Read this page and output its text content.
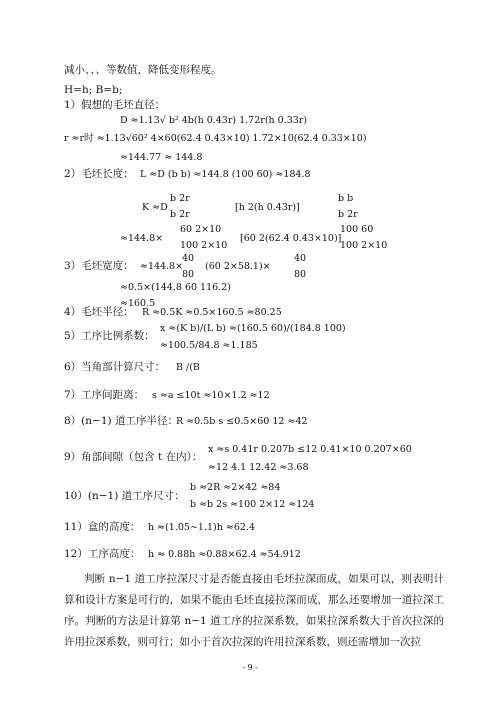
减小、、、等数值，降低变形程度。
H=h; B=b;
1）假想的毛坯直径：
D ≈1.13√ b² 4b(h 0.43r) 1.72r(h 0.33r)
r ≈r时 ≈1.13√60² 4×60(62.4 0.43×10) 1.72×10(62.4 0.33×10)
≈144.77 ≈ 144.8
2）毛坯长度： L ≈D (b b) ≈144.8 (100 60) ≈184.8
K ≈D
b 2r
b 2r
[h 2(h 0.43r)]
b b
b 2r
≈144.8×
60 2×10
100 2×10
[60 2(62.4 0.43×10)]
100 60
100 2×10
3）毛坯宽度： ≈144.8×
40
80
(60 2×58.1)×
40
80
≈0.5×(144.8 60 116.2)
≈160.5
4）毛坯半径： R ≈0.5K ≈0.5×160.5 ≈80.25
5）工序比例系数：
x ≈(K b)/(L b) ≈(160.5 60)/(184.8 100)
≈100.5/84.8 ≈1.185
6）当角部计算尺寸： B /(B
7）工序间距离： s ≈a ≤10t ≈10×1.2 ≈12
8）(n−1) 道工序半径：
R ≈0.5b s ≤0.5×60 12 ≈42
9）角部间隙（包含 t 在内）：
x ≈s 0.41r 0.207b ≤12 0.41×10 0.207×60
≈12 4.1 12.42 ≈3.68
10）(n−1) 道工序尺寸：
b ≈2R ≈2×42 ≈84
b ≈b 2s ≈100 2×12 ≈124
11）盒的高度： h ≈(1.05∼1.1)h ≈62.4
12）工序高度： h ≈ 0.88h ≈0.88×62.4 ≈54.912
判断 n−1 道工序拉深尺寸是否能直接由毛坯拉深而成，如果可以，则表明计算和设计方案是可行的，如果不能由毛坯直接拉深而成，那么还要增加一道拉深工序。判断的方法是计算第 n−1 道工序的拉深系数，如果拉深系数大于首次拉深的许用拉深系数，则可行；如小于首次拉深的许用拉深系数，则还需增加一次拉
- 9 -
